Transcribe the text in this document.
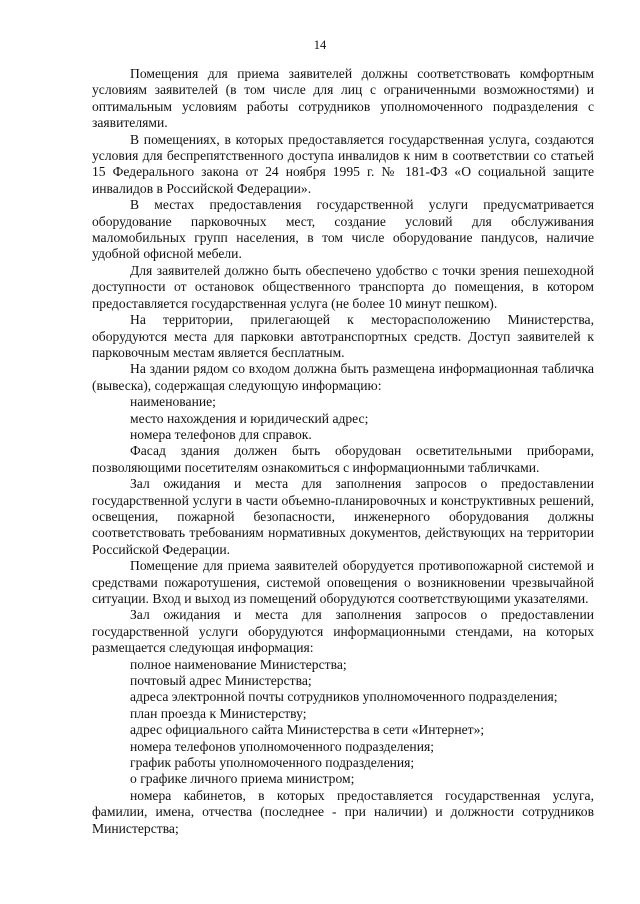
14

Помещения для приема заявителей должны соответствовать комфортным условиям заявителей (в том числе для лиц с ограниченными возможностями) и оптимальным условиям работы сотрудников уполномоченного подразделения с заявителями.

В помещениях, в которых предоставляется государственная услуга, создаются условия для беспрепятственного доступа инвалидов к ним в соответствии со статьей 15 Федерального закона от 24 ноября 1995 г. № 181-ФЗ «О социальной защите инвалидов в Российской Федерации».

В местах предоставления государственной услуги предусматривается оборудование парковочных мест, создание условий для обслуживания маломобильных групп населения, в том числе оборудование пандусов, наличие удобной офисной мебели.

Для заявителей должно быть обеспечено удобство с точки зрения пешеходной доступности от остановок общественного транспорта до помещения, в котором предоставляется государственная услуга (не более 10 минут пешком).

На территории, прилегающей к месторасположению Министерства, оборудуются места для парковки автотранспортных средств. Доступ заявителей к парковочным местам является бесплатным.

На здании рядом со входом должна быть размещена информационная табличка (вывеска), содержащая следующую информацию:

наименование;

место нахождения и юридический адрес;

номера телефонов для справок.

Фасад здания должен быть оборудован осветительными приборами, позволяющими посетителям ознакомиться с информационными табличками.

Зал ожидания и места для заполнения запросов о предоставлении государственной услуги в части объемно-планировочных и конструктивных решений, освещения, пожарной безопасности, инженерного оборудования должны соответствовать требованиям нормативных документов, действующих на территории Российской Федерации.

Помещение для приема заявителей оборудуется противопожарной системой и средствами пожаротушения, системой оповещения о возникновении чрезвычайной ситуации. Вход и выход из помещений оборудуются соответствующими указателями.

Зал ожидания и места для заполнения запросов о предоставлении государственной услуги оборудуются информационными стендами, на которых размещается следующая информация:

полное наименование Министерства;

почтовый адрес Министерства;

адреса электронной почты сотрудников уполномоченного подразделения;

план проезда к Министерству;

адрес официального сайта Министерства в сети «Интернет»;

номера телефонов уполномоченного подразделения;

график работы уполномоченного подразделения;

о графике личного приема министром;

номера кабинетов, в которых предоставляется государственная услуга, фамилии, имена, отчества (последнее - при наличии) и должности сотрудников Министерства;
